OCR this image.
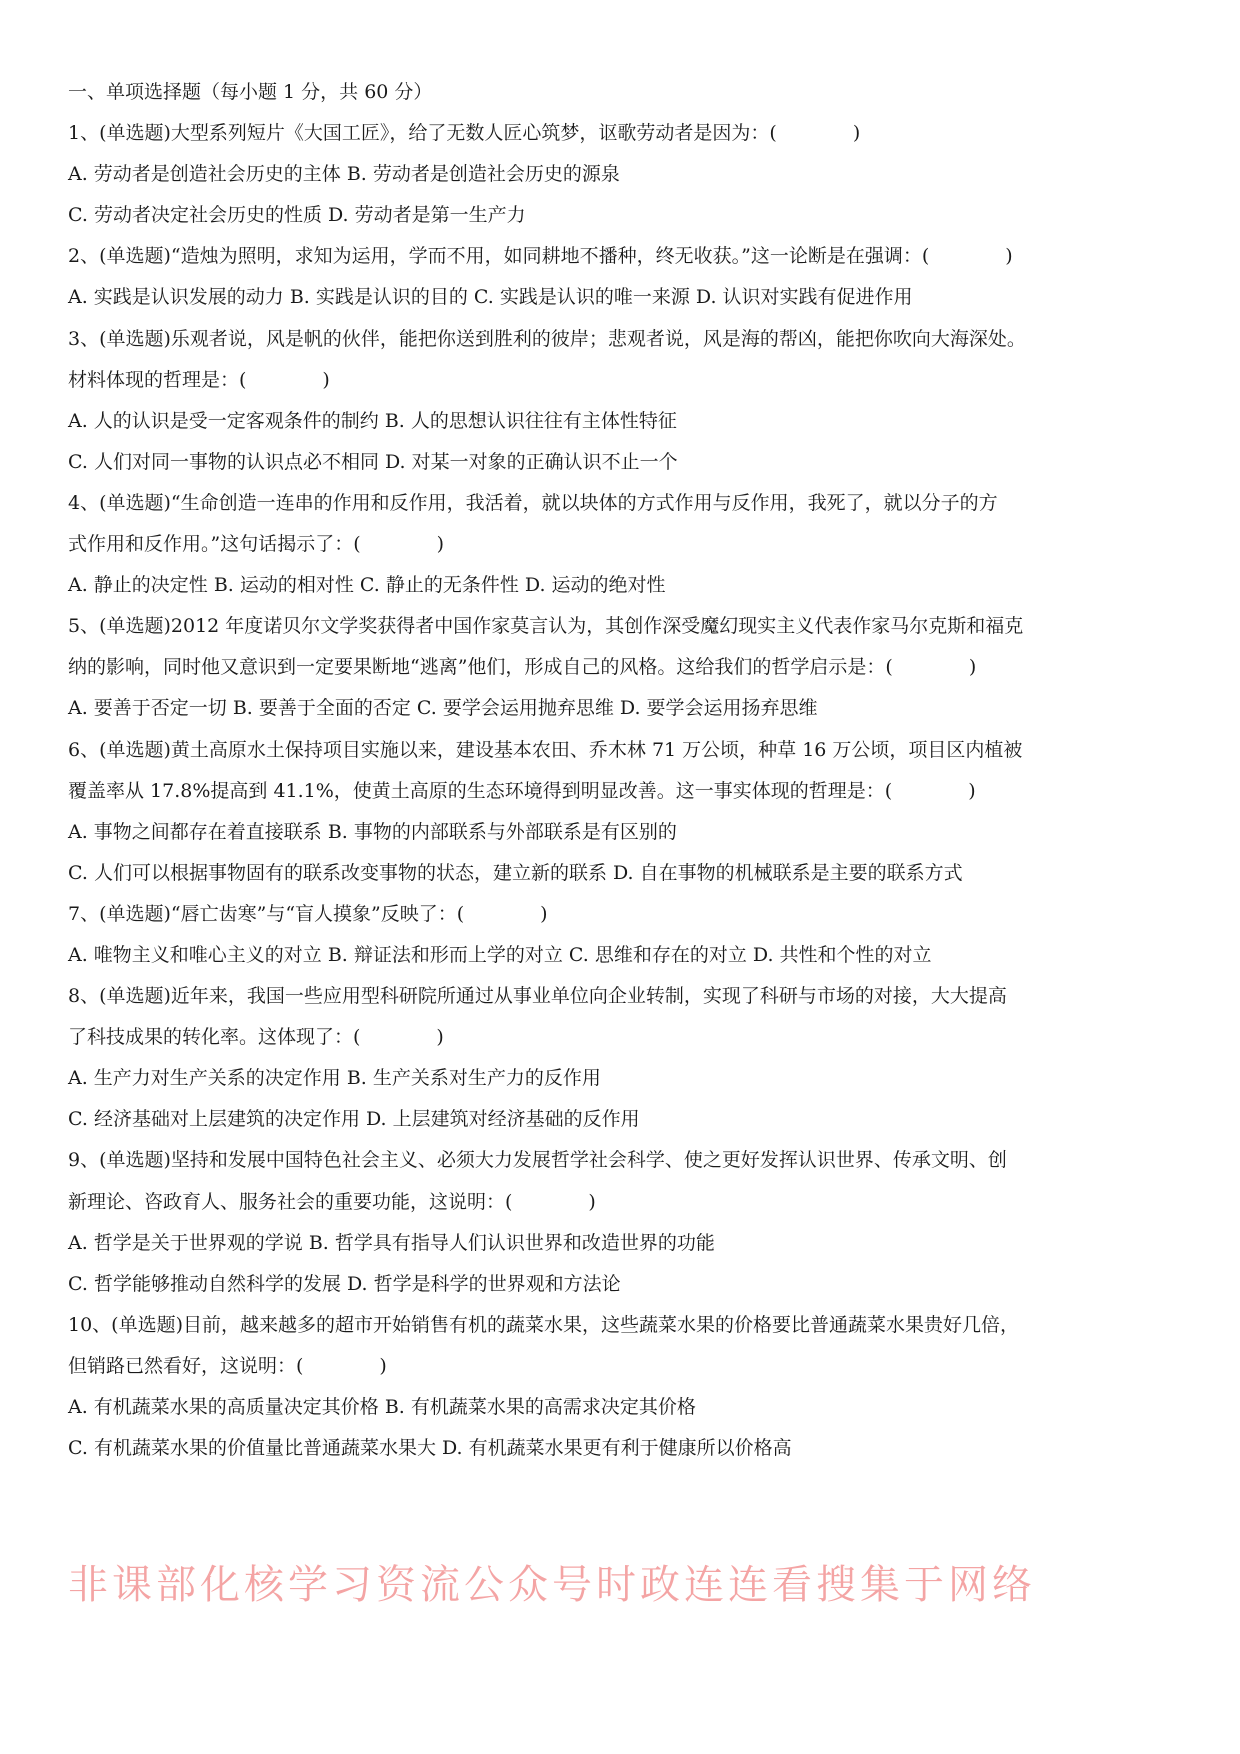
非课部化核学习资流公众号时政连连看搜集于网络
一、单项选择题（每小题 1 分，共 60 分）
1、(单选题)大型系列短片《大国工匠》，给了无数人匠心筑梦，讴歌劳动者是因为：(　　　　)
A. 劳动者是创造社会历史的主体 B. 劳动者是创造社会历史的源泉
C. 劳动者决定社会历史的性质 D. 劳动者是第一生产力
2、(单选题)“造烛为照明，求知为运用，学而不用，如同耕地不播种，终无收获。”这一论断是在强调：(　　　　)
A. 实践是认识发展的动力 B. 实践是认识的目的 C. 实践是认识的唯一来源 D. 认识对实践有促进作用
3、(单选题)乐观者说，风是帆的伙伴，能把你送到胜利的彼岸；悲观者说，风是海的帮凶，能把你吹向大海深处。
材料体现的哲理是：(　　　　)
A. 人的认识是受一定客观条件的制约 B. 人的思想认识往往有主体性特征
C. 人们对同一事物的认识点必不相同 D. 对某一对象的正确认识不止一个
4、(单选题)“生命创造一连串的作用和反作用，我活着，就以块体的方式作用与反作用，我死了，就以分子的方
式作用和反作用。”这句话揭示了：(　　　　)
A. 静止的决定性 B. 运动的相对性 C. 静止的无条件性 D. 运动的绝对性
5、(单选题)2012 年度诺贝尔文学奖获得者中国作家莫言认为，其创作深受魔幻现实主义代表作家马尔克斯和福克
纳的影响，同时他又意识到一定要果断地“逃离”他们，形成自己的风格。这给我们的哲学启示是：(　　　　)
A. 要善于否定一切 B. 要善于全面的否定 C. 要学会运用抛弃思维 D. 要学会运用扬弃思维
6、(单选题)黄土高原水土保持项目实施以来，建设基本农田、乔木林 71 万公顷，种草 16 万公顷，项目区内植被
覆盖率从 17.8%提高到 41.1%，使黄土高原的生态环境得到明显改善。这一事实体现的哲理是：(　　　　)
A. 事物之间都存在着直接联系 B. 事物的内部联系与外部联系是有区别的
C. 人们可以根据事物固有的联系改变事物的状态，建立新的联系 D. 自在事物的机械联系是主要的联系方式
7、(单选题)“唇亡齿寒”与“盲人摸象”反映了：(　　　　)
A. 唯物主义和唯心主义的对立 B. 辩证法和形而上学的对立 C. 思维和存在的对立 D. 共性和个性的对立
8、(单选题)近年来，我国一些应用型科研院所通过从事业单位向企业转制，实现了科研与市场的对接，大大提高
了科技成果的转化率。这体现了：(　　　　)
A. 生产力对生产关系的决定作用 B. 生产关系对生产力的反作用
C. 经济基础对上层建筑的决定作用 D. 上层建筑对经济基础的反作用
9、(单选题)坚持和发展中国特色社会主义、必须大力发展哲学社会科学、使之更好发挥认识世界、传承文明、创
新理论、咨政育人、服务社会的重要功能，这说明：(　　　　)
A. 哲学是关于世界观的学说 B. 哲学具有指导人们认识世界和改造世界的功能
C. 哲学能够推动自然科学的发展 D. 哲学是科学的世界观和方法论
10、(单选题)目前，越来越多的超市开始销售有机的蔬菜水果，这些蔬菜水果的价格要比普通蔬菜水果贵好几倍，
但销路已然看好，这说明：(　　　　)
A. 有机蔬菜水果的高质量决定其价格 B. 有机蔬菜水果的高需求决定其价格
C. 有机蔬菜水果的价值量比普通蔬菜水果大 D. 有机蔬菜水果更有利于健康所以价格高
